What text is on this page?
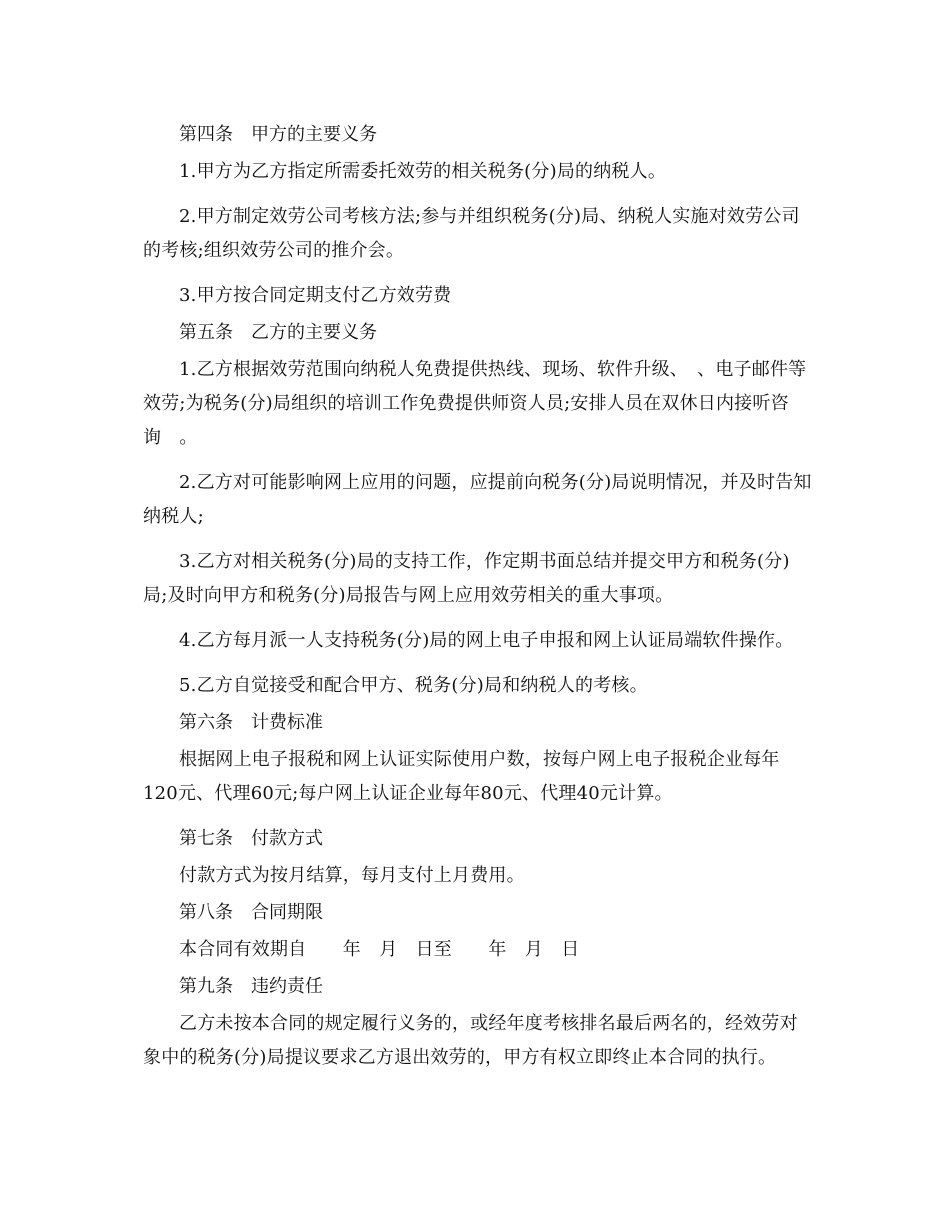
第四条　甲方的主要义务

1.甲方为乙方指定所需委托效劳的相关税务(分)局的纳税人。

2.甲方制定效劳公司考核方法;参与并组织税务(分)局、纳税人实施对效劳公司的考核;组织效劳公司的推介会。

3.甲方按合同定期支付乙方效劳费

第五条　乙方的主要义务

1.乙方根据效劳范围向纳税人免费提供热线、现场、软件升级、　、电子邮件等效劳;为税务(分)局组织的培训工作免费提供师资人员;安排人员在双休日内接听咨询　。

2.乙方对可能影响网上应用的问题，应提前向税务(分)局说明情况，并及时告知纳税人;

3.乙方对相关税务(分)局的支持工作，作定期书面总结并提交甲方和税务(分)局;及时向甲方和税务(分)局报告与网上应用效劳相关的重大事项。

4.乙方每月派一人支持税务(分)局的网上电子申报和网上认证局端软件操作。

5.乙方自觉接受和配合甲方、税务(分)局和纳税人的考核。

第六条　计费标准

根据网上电子报税和网上认证实际使用户数，按每户网上电子报税企业每年120元、代理60元;每户网上认证企业每年80元、代理40元计算。

第七条　付款方式

付款方式为按月结算，每月支付上月费用。

第八条　合同期限

本合同有效期自　　年　月　日至　　年　月　日

第九条　违约责任

乙方未按本合同的规定履行义务的，或经年度考核排名最后两名的，经效劳对象中的税务(分)局提议要求乙方退出效劳的，甲方有权立即终止本合同的执行。
